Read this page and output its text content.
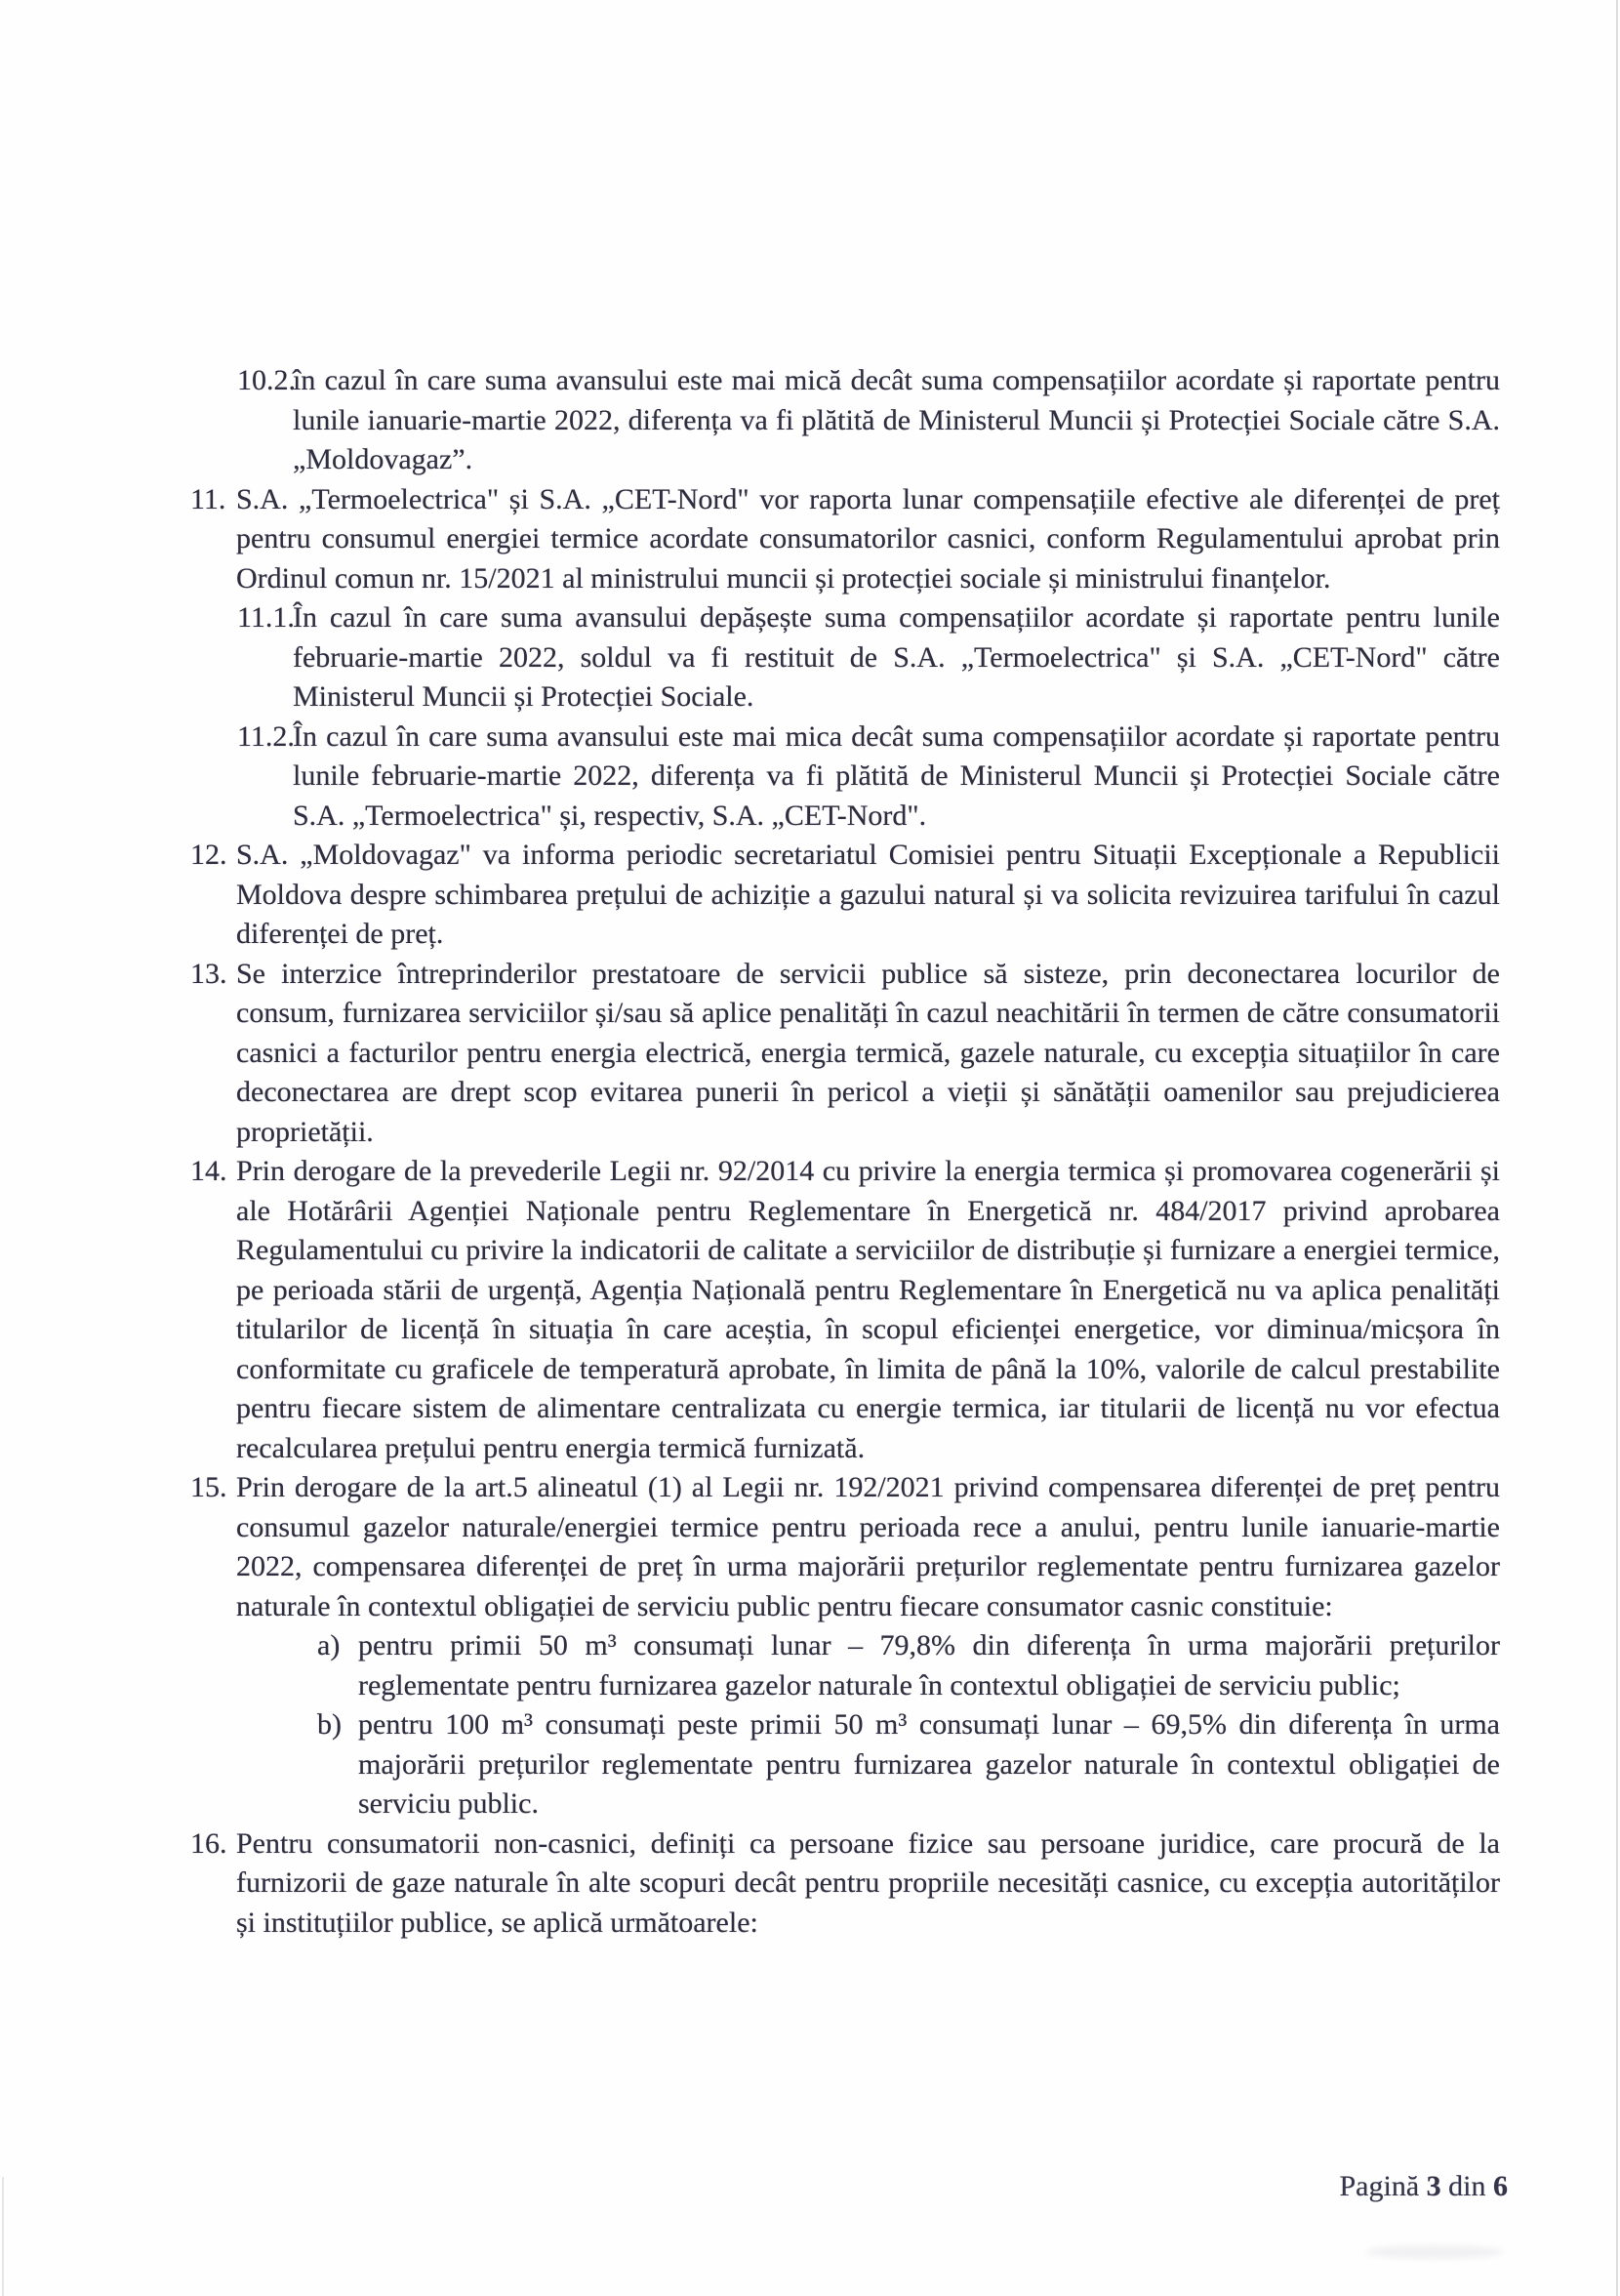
10.2.în cazul în care suma avansului este mai mică decât suma compensațiilor acordate și raportate pentru lunile ianuarie-martie 2022, diferența va fi plătită de Ministerul Muncii și Protecției Sociale către S.A. „Moldovagaz”.
11. S.A. „Termoelectrica" și S.A. „CET-Nord" vor raporta lunar compensațiile efective ale diferenței de preț pentru consumul energiei termice acordate consumatorilor casnici, conform Regulamentului aprobat prin Ordinul comun nr. 15/2021 al ministrului muncii și protecției sociale și ministrului finanțelor.
11.1.În cazul în care suma avansului depășește suma compensațiilor acordate și raportate pentru lunile februarie-martie 2022, soldul va fi restituit de S.A. „Termoelectrica" și S.A. „CET-Nord" către Ministerul Muncii și Protecției Sociale.
11.2.În cazul în care suma avansului este mai mica decât suma compensațiilor acordate și raportate pentru lunile februarie-martie 2022, diferența va fi plătită de Ministerul Muncii și Protecției Sociale către S.A. „Termoelectrica" și, respectiv, S.A. „CET-Nord".
12. S.A. „Moldovagaz" va informa periodic secretariatul Comisiei pentru Situații Excepționale a Republicii Moldova despre schimbarea prețului de achiziție a gazului natural și va solicita revizuirea tarifului în cazul diferenței de preț.
13. Se interzice întreprinderilor prestatoare de servicii publice să sisteze, prin deconectarea locurilor de consum, furnizarea serviciilor și/sau să aplice penalități în cazul neachitării în termen de către consumatorii casnici a facturilor pentru energia electrică, energia termică, gazele naturale, cu excepția situațiilor în care deconectarea are drept scop evitarea punerii în pericol a vieții și sănătății oamenilor sau prejudicierea proprietății.
14. Prin derogare de la prevederile Legii nr. 92/2014 cu privire la energia termica și promovarea cogenerării și ale Hotărârii Agenției Naționale pentru Reglementare în Energetică nr. 484/2017 privind aprobarea Regulamentului cu privire la indicatorii de calitate a serviciilor de distribuție și furnizare a energiei termice, pe perioada stării de urgență, Agenția Națională pentru Reglementare în Energetică nu va aplica penalități titularilor de licență în situația în care aceștia, în scopul eficienței energetice, vor diminua/micșora în conformitate cu graficele de temperatură aprobate, în limita de până la 10%, valorile de calcul prestabilite pentru fiecare sistem de alimentare centralizata cu energie termica, iar titularii de licență nu vor efectua recalcularea prețului pentru energia termică furnizată.
15. Prin derogare de la art.5 alineatul (1) al Legii nr. 192/2021 privind compensarea diferenței de preț pentru consumul gazelor naturale/energiei termice pentru perioada rece a anului, pentru lunile ianuarie-martie 2022, compensarea diferenței de preț în urma majorării prețurilor reglementate pentru furnizarea gazelor naturale în contextul obligației de serviciu public pentru fiecare consumator casnic constituie:
a) pentru primii 50 m³ consumați lunar – 79,8% din diferența în urma majorării prețurilor reglementate pentru furnizarea gazelor naturale în contextul obligației de serviciu public;
b) pentru 100 m³ consumați peste primii 50 m³ consumați lunar – 69,5% din diferența în urma majorării prețurilor reglementate pentru furnizarea gazelor naturale în contextul obligației de serviciu public.
16. Pentru consumatorii non-casnici, definiți ca persoane fizice sau persoane juridice, care procură de la furnizorii de gaze naturale în alte scopuri decât pentru propriile necesități casnice, cu excepția autorităților și instituțiilor publice, se aplică următoarele:
Pagină 3 din 6
